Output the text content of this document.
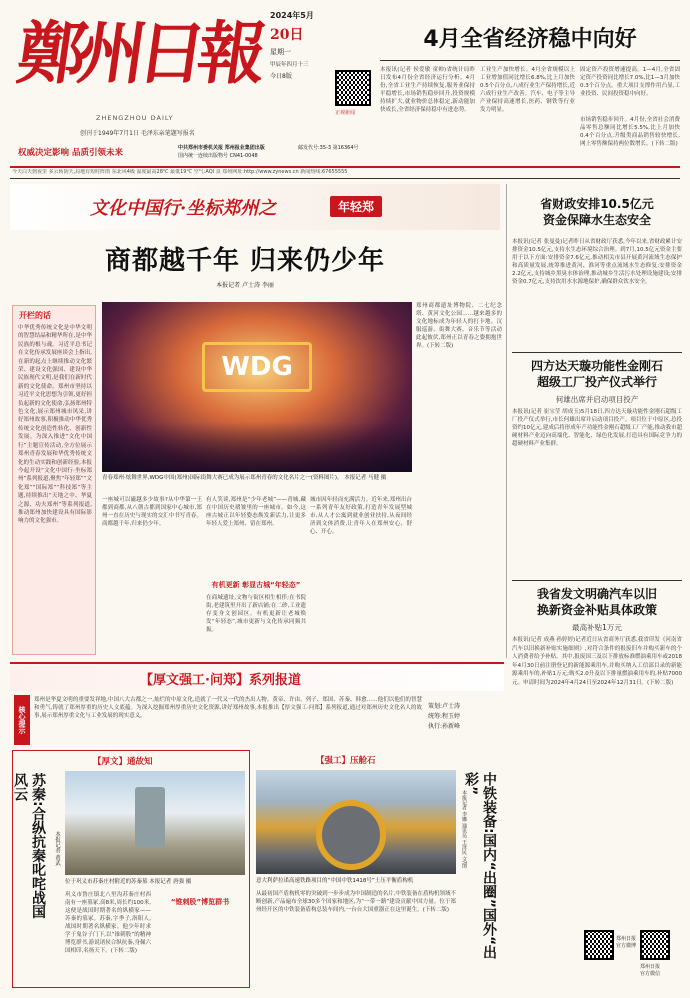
鄭
州
日
報
ZHENGZHOU DAILY
创刊于1949年7月1日 毛泽东亲笔题写报名
2024年5月
20日
星期一
甲辰年四月十三
今日8版
正观新闻
权威决定影响 品质引领未来	中共郑州市委机关报 郑州报业集团出版
国内统一连续出版物号 CN41-0048
邮发代号:35-3 第16364号
今天白天到夜里 多云转阴天,局地有短时阵雨 东北风4级 温度最高28℃ 最低19℃ 空气:AQI 良 郑州网址:http://www.zynews.cn 新闻热线:67655555
4月全省经济稳中向好
本报讯(记者 侯爱敏 童帅)省统计局昨日发布4月份全省经济运行分析。4月份,全省工业生产持续恢复,服务业保持平稳增长,市场销售稳步回升,投资规模持续扩大,就业物价总体稳定,新动能加快成长,全省经济保持稳中有进态势。
工业生产加快增长。4月全省规模以上工业增加值同比增长6.8%,比上月加快0.5个百分点,八成行业生产保持增长,近六成行业生产改善。汽车、电子等主导产业保持高速增长,医药、钢铁等行业发力明显。
固定资产投资增速提高。1—4月,全省固定资产投资同比增长7.0%,比1—3月加快0.3个百分点。重大项目支撑作用凸显,工业投资、民间投资稳中向好。
市场销售稳步回升。4月份,全省社会消费品零售总额同比增长5.5%,比上月加快0.4个百分点,升级类商品销售较快增长,网上零售额保持两位数增长。(下转二版)
文化中国行·坐标郑州之	年轻郑
商都越千年 归来仍少年
本报记者 卢士涛 李丽
开栏的话
中华优秀传统文化是中华文明的智慧结晶和精华所在,是中华民族的根与魂。习近平总书记在文化传承发展座谈会上指出,在新的起点上继续推动文化繁荣、建设文化强国、建设中华民族现代文明,是我们在新时代新的文化使命。郑州市坚持以习近平文化思想为引领,更好担负起新的文化使命,弘扬郑州特色文化,展示郑州城市风采,讲好郑州故事,积极推动中华优秀传统文化创造性转化、创新性发展。为深入推进“文化中国行”主题宣传活动,全方位展示郑州青春发展和华优秀传统文化的生动实践和创新经验,本报今起开设“文化中国行·坐标郑州”系列报道,聚焦“年轻郑”“文化郑”“国际郑”“科技郑”等主题,持续推出“天地之中、华夏之源、功夫郑州”等系列报道,推动郑州加快建设具有国际影响力的文化强市。
WDG
青春郑州·炫舞世界,WDG中国(郑州)国际街舞大赛已成为展示郑州青春的文化名片之一(资料图片)。 本报记者 马健 摄
一座城可以磁越多少故事?从中华第一王都到商都,从八朝古都到国家中心城市,郑州一直在历史与现实的交汇中书写青春。商都越千年,归来仍少年。
有人笑谈,郑州是“少年老城”——青城,藏在中国历史褶皱里的一座城市。如今,这座古城正以年轻姿态焕发新活力,让更多年轻人爱上郑州、留在郑州。
有机更新 彰显古城“年轻态”
在商城遗址,文物与街区相生相伴;在书院街,老建筑里开出了新店铺;在二砂,工业遗存变身文创园区。有机更新让老城焕发“年轻态”,城市更新与文化传承同频共振。
城市因年轻而充满活力。近年来,郑州出台一系列青年友好政策,打造青年发展型城市,从人才公寓到就业创业扶持,从夜间经济到文体消费,让青年人在郑州安心、舒心、开心。
郑州商都遗址博物院、二七纪念塔、黄河文化公园……越来越多的文化地标成为年轻人的打卡地。汉服巡游、街舞大赛、音乐节等活动此起彼伏,郑州正以青春之姿拥抱世界。(下转二版)
省财政安排10.5亿元
资金保障水生态安全
本报讯(记者 张曼曼)记者昨日从省财政厅获悉,今年以来,省财政累计安排资金10.5亿元,支持水生态环境综合治理。到7月,10.5亿元资金主要用于以下方面:安排资金7.6亿元,推动相关市县开展黄河流域生态保护和高质量发展,统筹推进黄河、淮河等重点流域水生态修复;安排资金2.2亿元,支持城乡黑臭水体治理,推动城乡生活污水处理设施建设;安排资金0.7亿元,支持饮用水水源地保护,确保群众饮水安全。
四方达天璇功能性金刚石
超级工厂投产仪式举行
何雄出席并启动项目投产
本报讯(记者 崔宝莹 胡成玉)5月18日,四方达天璇功能性金刚石超级工厂投产仪式举行,市长何雄出席并启动项目投产。项目位于中原区,总投资约10亿元,建成后将形成年产功能性金刚石超级工厂产能,推动我市超硬材料产业迈向高端化、智能化、绿色化发展,打造具有国际竞争力的超硬材料产业集群。
我省发文明确汽车以旧
换新资金补贴具体政策
最高补贴1万元
本报讯(记者 成燕 孙婷婷)记者近日从省商务厅获悉,我省印发《河南省汽车以旧换新补贴实施细则》,对符合条件的报废旧车并购买新车的个人消费者给予补贴。其中,报废国三及以下排放标准燃油乘用车或2018年4月30日前注册登记的新能源乘用车,并购买纳入工信部目录的新能源乘用车的,补贴1万元;购买2.0升及以下排量燃油乘用车的,补贴7000元。申请时间为2024年4月24日至2024年12月31日。(下转二版)
【厚文强工·问郑】系列报道
核心提示
郑州是华夏文明的重要发祥地,中国八大古都之一,灿烂的中原文化,造就了一代又一代的杰出人物。黄帝、许由、列子、郑国、苏秦、韩愈……他们以他们的智慧和勇气,铸就了郑州厚重的历史人文底蕴。为深入挖掘郑州厚重历史文化资源,讲好郑州故事,本报推出【厚文强工·问郑】系列报道,通过对郑州历史文化名人的故事,展示郑州厚重文化与工业发展的现实意义。
策划:卢士涛
统筹:程玉婷
执行:孙新峰
【厚文】通故知
苏秦:合纵抗秦叱咤战国风云
本报记者 黄武
位于巩义市苏秦庄村附近的苏秦墓 本报记者 唐强 摄
巩义市鲁庄镇北八里沟苏秦庄村西南有一座墓冢,高8米,周长约100米,这便是战国时期著名的纵横家——苏秦的墓冢。苏秦,字季子,洛阳人,战国时期著名纵横家。他少年时求学于鬼谷子门下,以“锥刺股”的精神博览群书,游说诸侯合纵抗秦,身佩六国相印,名扬天下。(下转二版)
“锥刺股”博览群书
【强工】压舱石
意大利萨拉诺高速铁路项目的“中国中铁1418号”土压平衡盾构机
从最初国产盾构机零的突破到一步步成为中国制造的名片,中铁装备在盾构机领域不断创新,产品遍布全球30多个国家和地区,为“一带一路”建设贡献中国力量。位于郑州经开区的中铁装备盾构总装车间内,一台台大国重器正在这里诞生。(下转二版)	中铁装备:国内“出圈”国外“出彩”
本报记者 李娜 通讯员 王泽民 文/图
郑州日报
官方微博
郑州日报
官方微信
